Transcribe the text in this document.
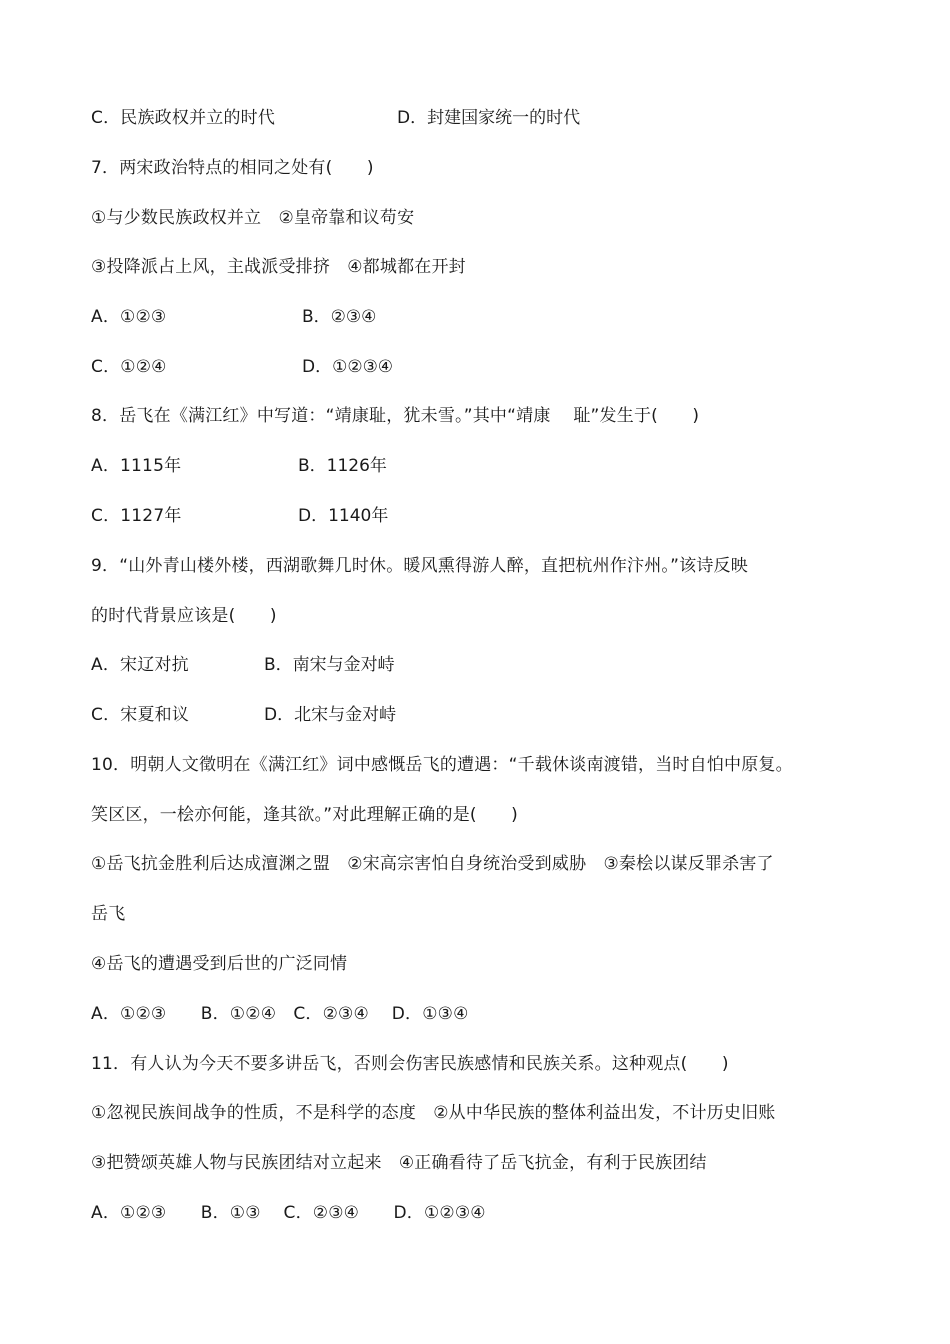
C．民族政权并立的时代	D．封建国家统一的时代
7．两宋政治特点的相同之处有(　　)
①与少数民族政权并立　②皇帝靠和议苟安
③投降派占上风，主战派受排挤　④都城都在开封
A．①②③	B．②③④
C．①②④	D．①②③④
8．岳飞在《满江红》中写道：“靖康耻，犹未雪。”其中“靖康　 耻”发生于(　　)
A．1115年	B．1126年
C．1127年	D．1140年
9．“山外青山楼外楼，西湖歌舞几时休。暖风熏得游人醉，直把杭州作汴州。”该诗反映
的时代背景应该是(　　)
A．宋辽对抗	B．南宋与金对峙
C．宋夏和议	D．北宋与金对峙
10．明朝人文徵明在《满江红》词中感慨岳飞的遭遇：“千载休谈南渡错，当时自怕中原复。
笑区区，一桧亦何能，逢其欲。”对此理解正确的是(　　)
①岳飞抗金胜利后达成澶渊之盟　②宋高宗害怕自身统治受到威胁　③秦桧以谋反罪杀害了
岳飞
④岳飞的遭遇受到后世的广泛同情
A．①②③　　B．①②④　C．②③④　 D．①③④
11．有人认为今天不要多讲岳飞，否则会伤害民族感情和民族关系。这种观点(　　)
①忽视民族间战争的性质，不是科学的态度　②从中华民族的整体利益出发，不计历史旧账
③把赞颂英雄人物与民族团结对立起来　④正确看待了岳飞抗金，有利于民族团结
A．①②③　　B．①③　 C．②③④　　D．①②③④
